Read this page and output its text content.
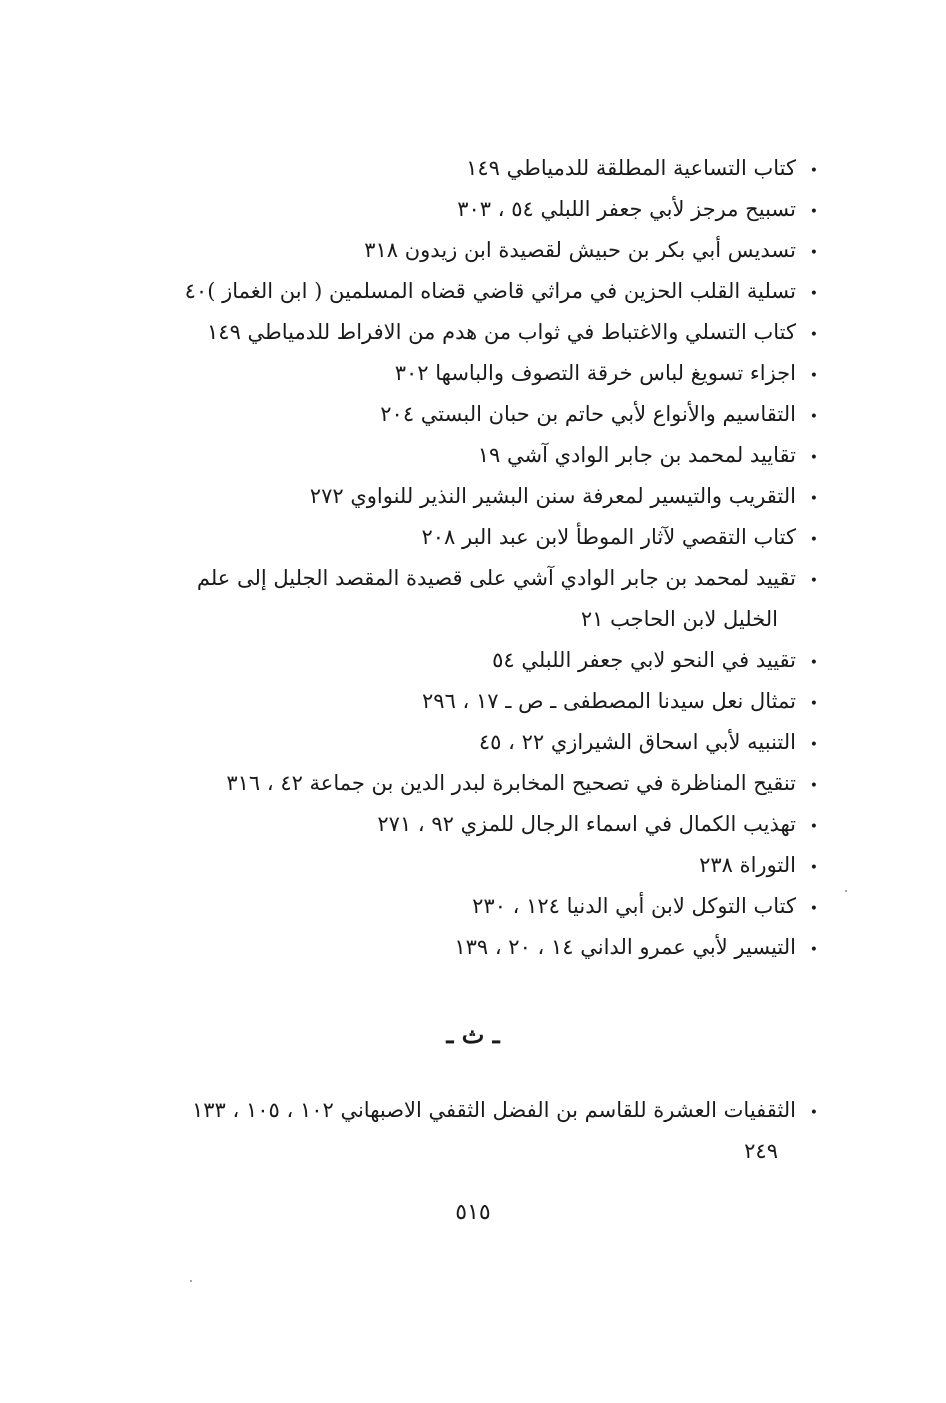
•
كتاب التساعية المطلقة للدمياطي ١٤٩
•
تسبيح مرجز لأبي جعفر اللبلي ٥٤ ، ٣٠٣
•
تسديس أبي بكر بن حبيش لقصيدة ابن زيدون ٣١٨
•
تسلية القلب الحزين في مراثي قاضي قضاه المسلمين ( ابن الغماز )٤٠
•
كتاب التسلي والاغتباط في ثواب من هدم من الافراط للدمياطي ١٤٩
•
اجزاء تسويغ لباس خرقة التصوف والباسها ٣٠٢
•
التقاسيم والأنواع لأبي حاتم بن حبان البستي ٢٠٤
•
تقاييد لمحمد بن جابر الوادي آشي ١٩
•
التقريب والتيسير لمعرفة سنن البشير النذير للنواوي ٢٧٢
•
كتاب التقصي لآثار الموطأ لابن عبد البر ٢٠٨
•
تقييد لمحمد بن جابر الوادي آشي على قصيدة المقصد الجليل إلى علم
الخليل لابن الحاجب ٢١
•
تقييد في النحو لابي جعفر اللبلي ٥٤
•
تمثال نعل سيدنا المصطفى ـ ص ـ ١٧ ، ٢٩٦
•
التنبيه لأبي اسحاق الشيرازي ٢٢ ، ٤٥
•
تنقيح المناظرة في تصحيح المخابرة لبدر الدين بن جماعة ٤٢ ، ٣١٦
•
تهذيب الكمال في اسماء الرجال للمزي ٩٢ ، ٢٧١
•
التوراة ٢٣٨
•
كتاب التوكل لابن أبي الدنيا ١٢٤ ، ٢٣٠
•
التيسير لأبي عمرو الداني ١٤ ، ٢٠ ، ١٣٩
ـ ث ـ
•
الثقفيات العشرة للقاسم بن الفضل الثقفي الاصبهاني ١٠٢ ، ١٠٥ ، ١٣٣
٢٤٩
٥١٥
